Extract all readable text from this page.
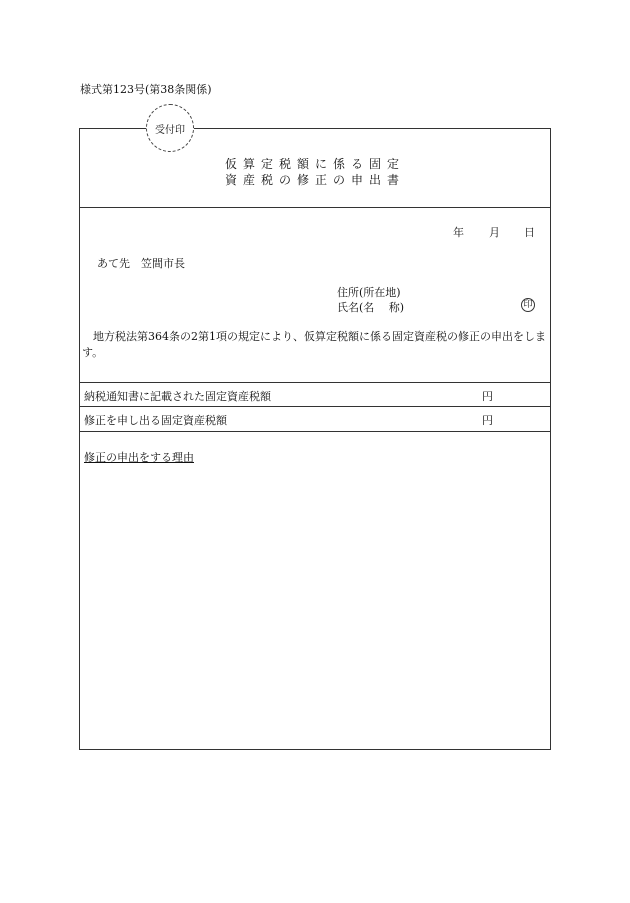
様式第123号(第38条関係)
受付印
仮算定税額に係る固定
資産税の修正の申出書
年 月 日
あて先　笠間市長
住所(所在地)
氏名(名　 称)	印
地方税法第364条の2第1項の規定により、仮算定税額に係る固定資産税の修正の申出をします。
納税通知書に記載された固定資産税額	円
修正を申し出る固定資産税額	円
修正の申出をする理由
